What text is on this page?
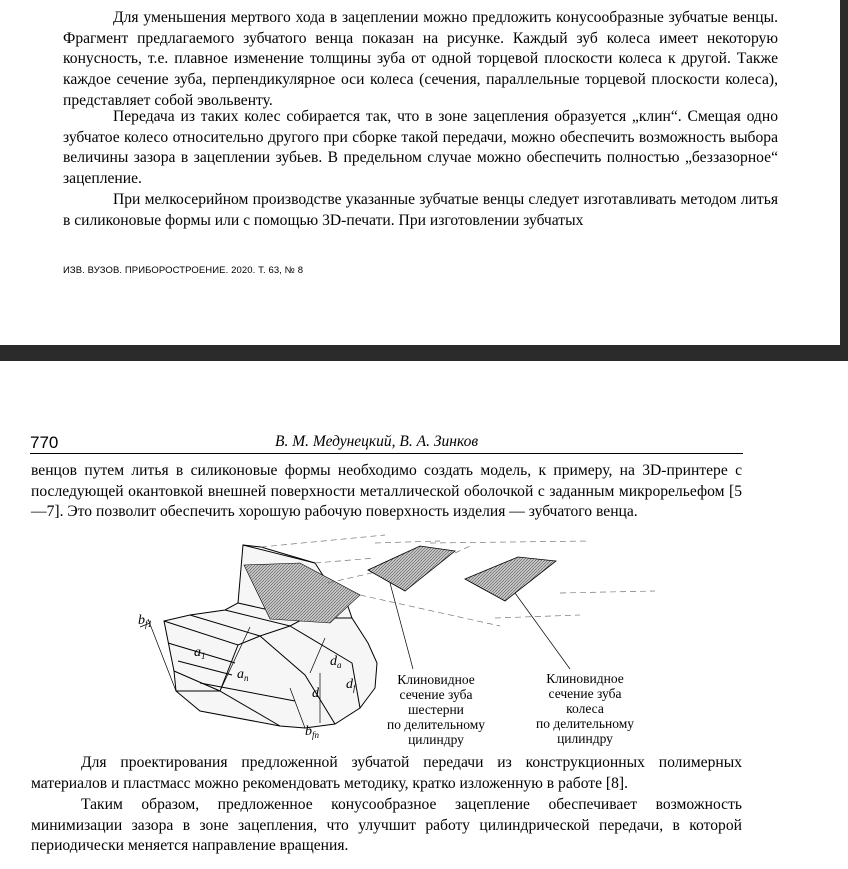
Для уменьшения мертвого хода в зацеплении можно предложить конусообразные зубчатые венцы. Фрагмент предлагаемого зубчатого венца показан на рисунке. Каждый зуб колеса имеет некоторую конусность, т.е. плавное изменение толщины зуба от одной торцевой плоскости колеса к другой. Также каждое сечение зуба, перпендикулярное оси колеса (сечения, параллельные торцевой плоскости колеса), представляет собой эвольвенту.

Передача из таких колес собирается так, что в зоне зацепления образуется „клин“. Смещая одно зубчатое колесо относительно другого при сборке такой передачи, можно обеспечить возможность выбора величины зазора в зацеплении зубьев. В предельном случае можно обеспечить полностью „беззазорное“ зацепление.

При мелкосерийном производстве указанные зубчатые венцы следует изготавливать методом литья в силиконовые формы или с помощью 3D-печати. При изготовлении зубчатых

ИЗВ. ВУЗОВ. ПРИБОРОСТРОЕНИЕ. 2020. Т. 63, № 8
770	В. М. Медунецкий, В. А. Зинков

венцов путем литья в силиконовые формы необходимо создать модель, к примеру, на 3D-принтере с последующей окантовкой внешней поверхности металлической оболочкой с заданным микрорельефом [5—7]. Это позволит обеспечить хорошую рабочую поверхность изделия — зубчатого венца.

Для проектирования предложенной зубчатой передачи из конструкционных полимерных материалов и пластмасс можно рекомендовать методику, кратко изложенную в работе [8].

Таким образом, предложенное конусообразное зацепление обеспечивает возможность минимизации зазора в зоне зацепления, что улучшит работу цилиндрической передачи, в которой периодически меняется направление вращения.

$b_{f1}$
$a_1$
$a_n$
d
$d_a$
$d_f$
$b_{fn}$
Клиновидное
сечение зуба
шестерни
по делительному
цилиндру
Клиновидное
сечение зуба
колеса
по делительному
цилиндру
